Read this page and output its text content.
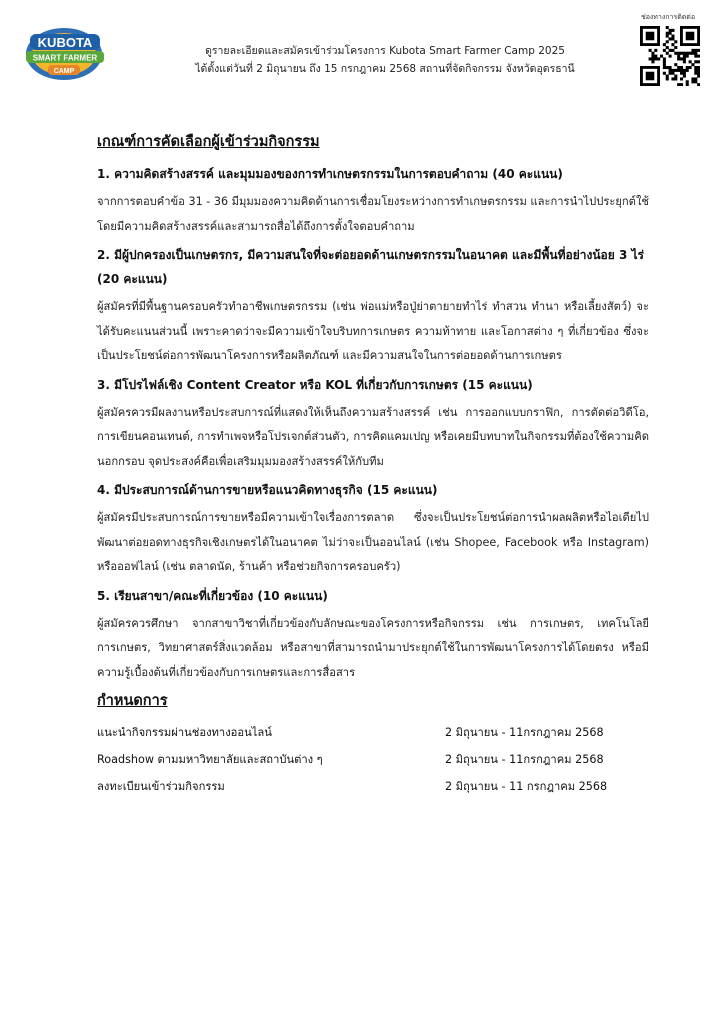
KUBOTA
SMART FARMER
CAMP
ดูรายละเอียดและสมัครเข้าร่วมโครงการ Kubota Smart Farmer Camp 2025
ได้ตั้งแต่วันที่ 2 มิถุนายน ถึง 15 กรกฎาคม 2568 สถานที่จัดกิจกรรม จังหวัดอุดรธานี
ช่องทางการติดต่อ
เกณฑ์การคัดเลือกผู้เข้าร่วมกิจกรรม
1. ความคิดสร้างสรรค์ และมุมมองของการทำเกษตรกรรมในการตอบคำถาม (40 คะแนน)
จากการตอบคำข้อ 31 - 36 มีมุมมองความคิดด้านการเชื่อมโยงระหว่างการทำเกษตรกรรม และการนำไปประยุกต์ใช้โดยมีความคิดสร้างสรรค์และสามารถสื่อได้ถึงการตั้งใจตอบคำถาม
2. มีผู้ปกครองเป็นเกษตรกร, มีความสนใจที่จะต่อยอดด้านเกษตรกรรมในอนาคต และมีพื้นที่อย่างน้อย 3 ไร่ (20 คะแนน)
ผู้สมัครที่มีพื้นฐานครอบครัวทำอาชีพเกษตรกรรม (เช่น พ่อแม่หรือปู่ย่าตายายทำไร่ ทำสวน ทำนา หรือเลี้ยงสัตว์) จะได้รับคะแนนส่วนนี้ เพราะคาดว่าจะมีความเข้าใจบริบทการเกษตร ความท้าทาย และโอกาสต่าง ๆ ที่เกี่ยวข้อง ซึ่งจะเป็นประโยชน์ต่อการพัฒนาโครงการหรือผลิตภัณฑ์ และมีความสนใจในการต่อยอดด้านการเกษตร
3. มีโปรไฟล์เชิง Content Creator หรือ KOL ที่เกี่ยวกับการเกษตร (15 คะแนน)
ผู้สมัครควรมีผลงานหรือประสบการณ์ที่แสดงให้เห็นถึงความสร้างสรรค์ เช่น การออกแบบกราฟิก, การตัดต่อวิดีโอ, การเขียนคอนเทนต์, การทำเพจหรือโปรเจกต์ส่วนตัว, การคิดแคมเปญ หรือเคยมีบทบาทในกิจกรรมที่ต้องใช้ความคิดนอกกรอบ จุดประสงค์คือเพื่อเสริมมุมมองสร้างสรรค์ให้กับทีม
4. มีประสบการณ์ด้านการขายหรือแนวคิดทางธุรกิจ (15 คะแนน)
ผู้สมัครมีประสบการณ์การขายหรือมีความเข้าใจเรื่องการตลาด ซึ่งจะเป็นประโยชน์ต่อการนำผลผลิตหรือไอเดียไปพัฒนาต่อยอดทางธุรกิจเชิงเกษตรได้ในอนาคต ไม่ว่าจะเป็นออนไลน์ (เช่น Shopee, Facebook หรือ Instagram) หรือออฟไลน์ (เช่น ตลาดนัด, ร้านค้า หรือช่วยกิจการครอบครัว)
5. เรียนสาขา/คณะที่เกี่ยวข้อง (10 คะแนน)
ผู้สมัครควรศึกษา จากสาขาวิชาที่เกี่ยวข้องกับลักษณะของโครงการหรือกิจกรรม เช่น การเกษตร, เทคโนโลยีการเกษตร, วิทยาศาสตร์สิ่งแวดล้อม หรือสาขาที่สามารถนำมาประยุกต์ใช้ในการพัฒนาโครงการได้โดยตรง หรือมีความรู้เบื้องต้นที่เกี่ยวข้องกับการเกษตรและการสื่อสาร
กำหนดการ
แนะนำกิจกรรมผ่านช่องทางออนไลน์	2 มิถุนายน - 11กรกฎาคม 2568
Roadshow ตามมหาวิทยาลัยและสถาบันต่าง ๆ	2 มิถุนายน - 11กรกฎาคม 2568
ลงทะเบียนเข้าร่วมกิจกรรม	2 มิถุนายน - 11 กรกฎาคม 2568
